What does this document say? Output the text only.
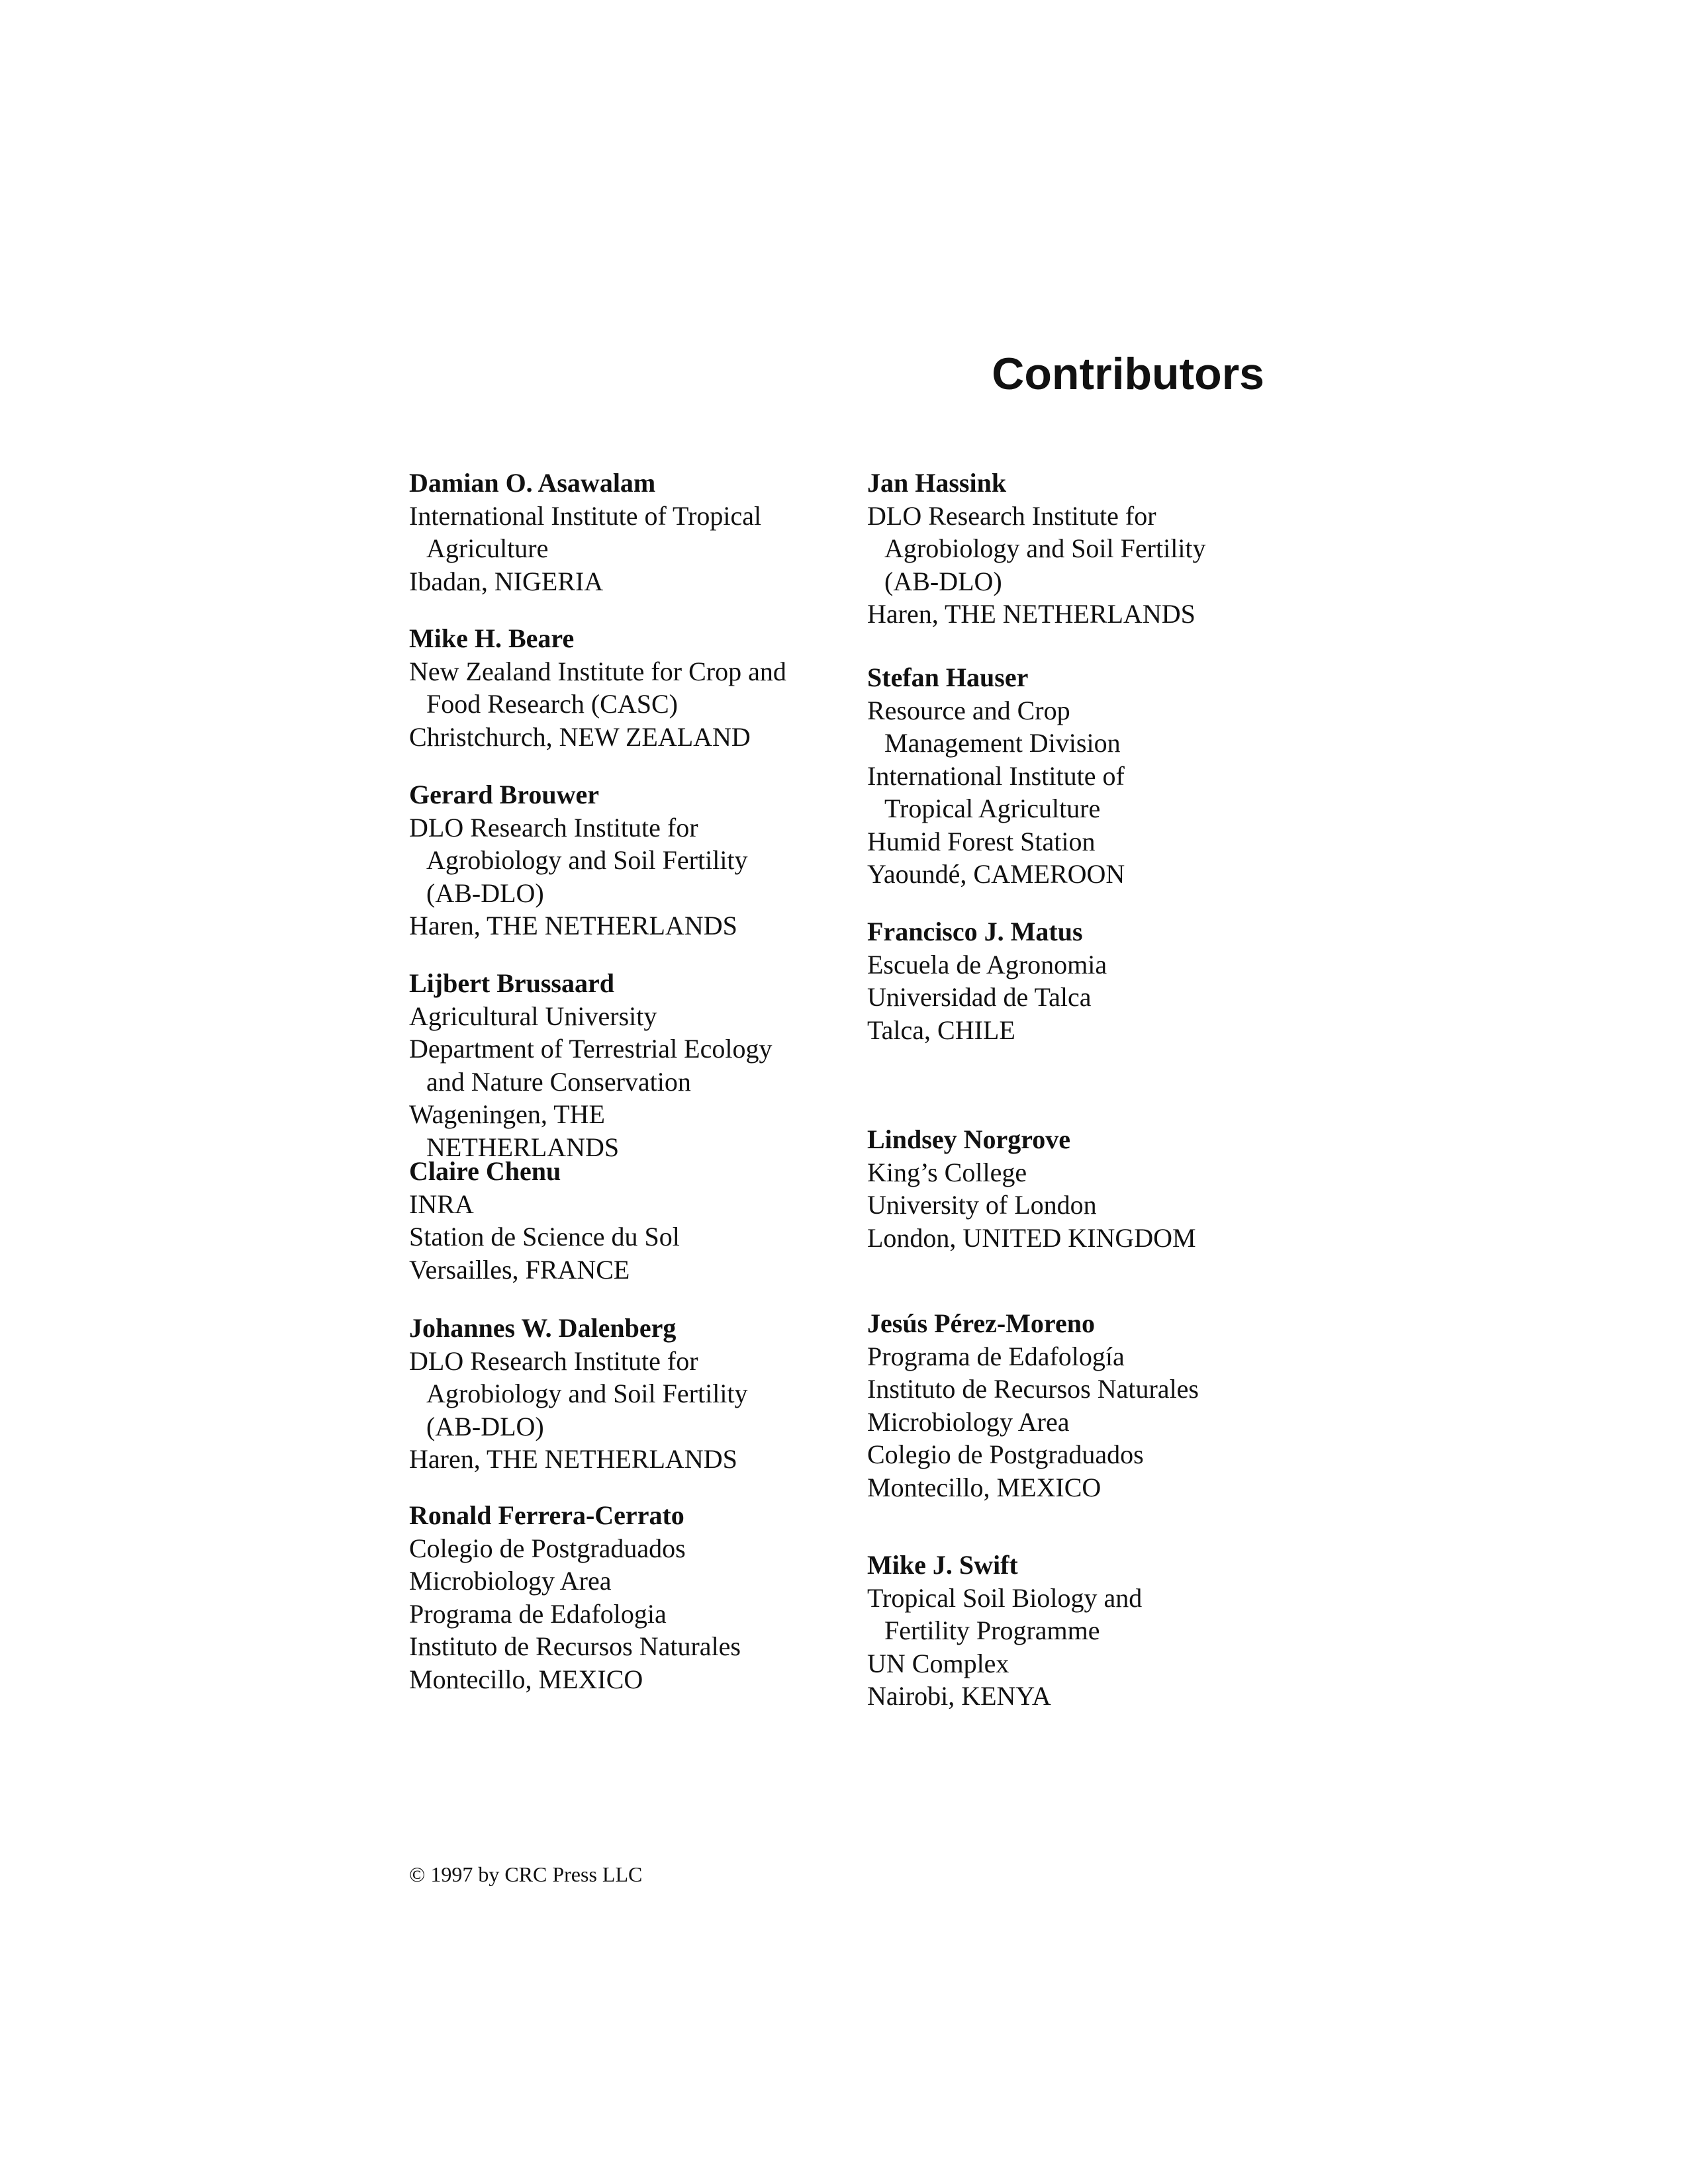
Contributors
Damian O. Asawalam
International Institute of Tropical
Agriculture
Ibadan, NIGERIA
Mike H. Beare
New Zealand Institute for Crop and
Food Research (CASC)
Christchurch, NEW ZEALAND
Gerard Brouwer
DLO Research Institute for
Agrobiology and Soil Fertility
(AB-DLO)
Haren, THE NETHERLANDS
Lijbert Brussaard
Agricultural University
Department of Terrestrial Ecology
and Nature Conservation
Wageningen, THE
NETHERLANDS
Claire Chenu
INRA
Station de Science du Sol
Versailles, FRANCE
Johannes W. Dalenberg
DLO Research Institute for
Agrobiology and Soil Fertility
(AB-DLO)
Haren, THE NETHERLANDS
Ronald Ferrera-Cerrato
Colegio de Postgraduados
Microbiology Area
Programa de Edafologia
Instituto de Recursos Naturales
Montecillo, MEXICO
Jan Hassink
DLO Research Institute for
Agrobiology and Soil Fertility
(AB-DLO)
Haren, THE NETHERLANDS
Stefan Hauser
Resource and Crop
Management Division
International Institute of
Tropical Agriculture
Humid Forest Station
Yaoundé, CAMEROON
Francisco J. Matus
Escuela de Agronomia
Universidad de Talca
Talca, CHILE
Lindsey Norgrove
King’s College
University of London
London, UNITED KINGDOM
Jesús Pérez-Moreno
Programa de Edafología
Instituto de Recursos Naturales
Microbiology Area
Colegio de Postgraduados
Montecillo, MEXICO
Mike J. Swift
Tropical Soil Biology and
Fertility Programme
UN Complex
Nairobi, KENYA
© 1997 by CRC Press LLC
